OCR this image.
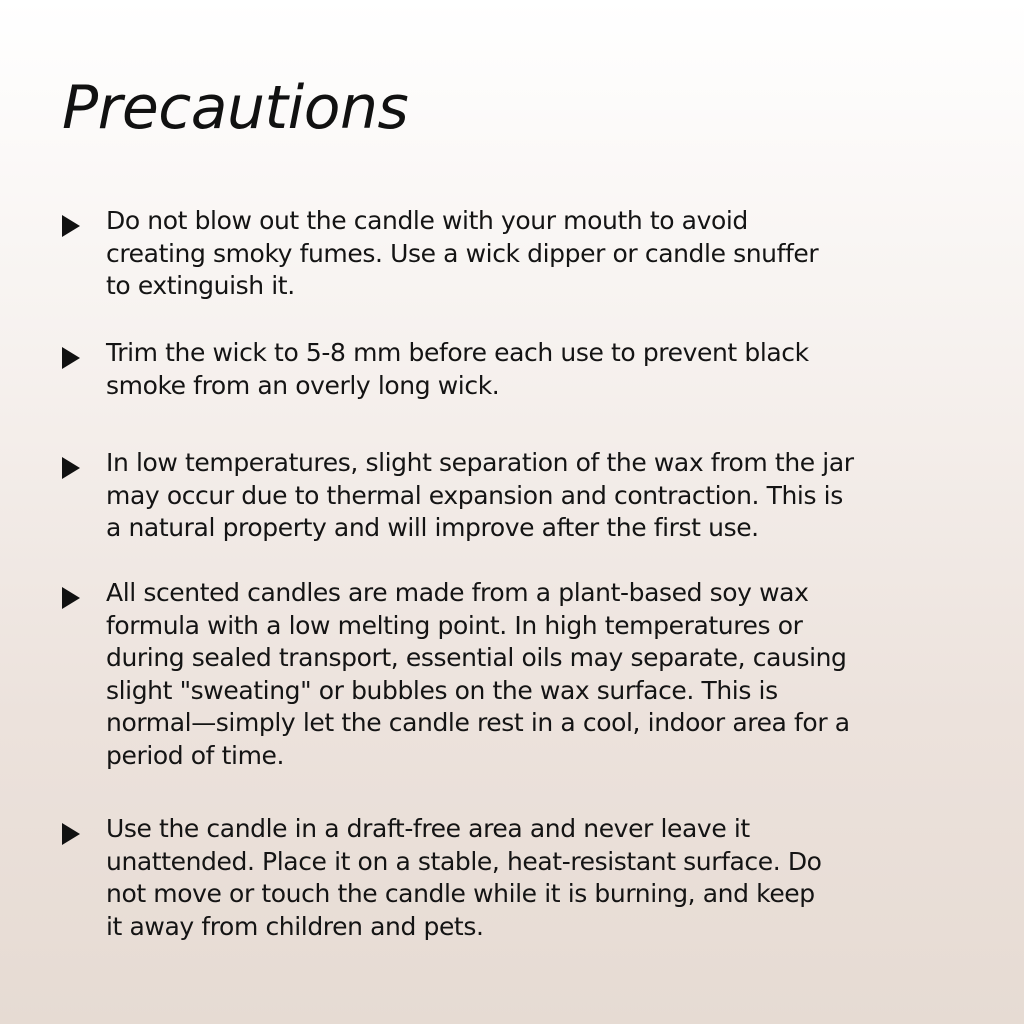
Precautions

Do not blow out the candle with your mouth to avoid
creating smoky fumes. Use a wick dipper or candle snuffer
to extinguish it.

Trim the wick to 5-8 mm before each use to prevent black
smoke from an overly long wick.

In low temperatures, slight separation of the wax from the jar
may occur due to thermal expansion and contraction. This is
a natural property and will improve after the first use.

All scented candles are made from a plant-based soy wax
formula with a low melting point. In high temperatures or
during sealed transport, essential oils may separate, causing
slight "sweating" or bubbles on the wax surface. This is
normal—simply let the candle rest in a cool, indoor area for a
period of time.

Use the candle in a draft-free area and never leave it
unattended. Place it on a stable, heat-resistant surface. Do
not move or touch the candle while it is burning, and keep
it away from children and pets.
